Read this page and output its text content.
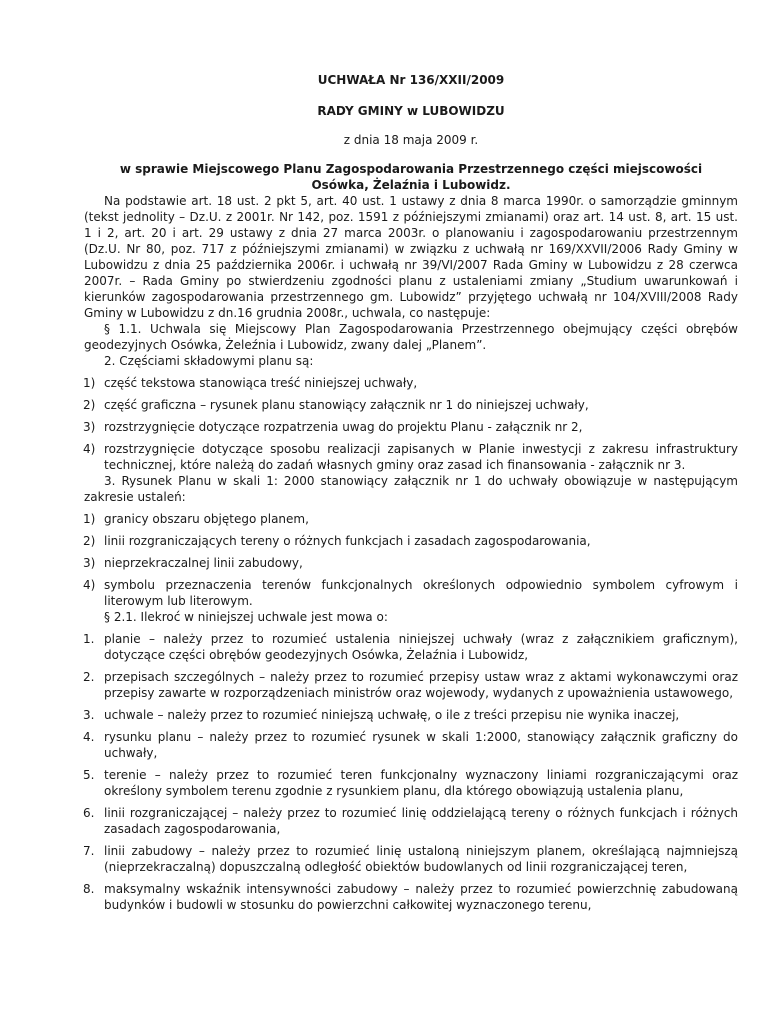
UCHWAŁA Nr 136/XXII/2009
RADY GMINY w LUBOWIDZU
z dnia 18 maja 2009 r.
w sprawie Miejscowego Planu Zagospodarowania Przestrzennego części miejscowości
Osówka, Żelaźnia i Lubowidz.

Na podstawie art. 18 ust. 2 pkt 5, art. 40 ust. 1 ustawy z dnia 8 marca 1990r. o samorządzie gminnym (tekst jednolity – Dz.U. z 2001r. Nr 142, poz. 1591 z późniejszymi zmianami) oraz art. 14 ust. 8, art. 15 ust. 1 i 2, art. 20 i art. 29 ustawy z dnia 27 marca 2003r. o planowaniu i zagospodarowaniu przestrzennym (Dz.U. Nr 80, poz. 717 z późniejszymi zmianami) w związku z uchwałą nr 169/XXVII/2006 Rady Gminy w Lubowidzu z dnia 25 października 2006r. i uchwałą nr 39/VI/2007 Rada Gminy w Lubowidzu z 28 czerwca 2007r. – Rada Gminy po stwierdzeniu zgodności planu z ustaleniami zmiany „Studium uwarunkowań i kierunków zagospodarowania przestrzennego gm. Lubowidz” przyjętego uchwałą nr 104/XVIII/2008 Rady Gminy w Lubowidzu z dn.16 grudnia 2008r., uchwala, co następuje:

§ 1.1. Uchwala się Miejscowy Plan Zagospodarowania Przestrzennego obejmujący części obrębów geodezyjnych Osówka, Żeleźnia i Lubowidz, zwany dalej „Planem”.

2. Częściami składowymi planu są:

1) część tekstowa stanowiąca treść niniejszej uchwały,
2) część graficzna – rysunek planu stanowiący załącznik nr 1 do niniejszej uchwały,
3) rozstrzygnięcie dotyczące rozpatrzenia uwag do projektu Planu - załącznik nr 2,
4) rozstrzygnięcie dotyczące sposobu realizacji zapisanych w Planie inwestycji z zakresu infrastruktury technicznej, które należą do zadań własnych gminy oraz zasad ich finansowania - załącznik nr 3.

3. Rysunek Planu w skali 1: 2000 stanowiący załącznik nr 1 do uchwały obowiązuje w następującym zakresie ustaleń:

1) granicy obszaru objętego planem,
2) linii rozgraniczających tereny o różnych funkcjach i zasadach zagospodarowania,
3) nieprzekraczalnej linii zabudowy,
4) symbolu przeznaczenia terenów funkcjonalnych określonych odpowiednio symbolem cyfrowym i literowym lub literowym.

§ 2.1. Ilekroć w niniejszej uchwale jest mowa o:

1. planie – należy przez to rozumieć ustalenia niniejszej uchwały (wraz z załącznikiem graficznym), dotyczące części obrębów geodezyjnych Osówka, Żelaźnia i Lubowidz,
2. przepisach szczególnych – należy przez to rozumieć przepisy ustaw wraz z aktami wykonawczymi oraz przepisy zawarte w rozporządzeniach ministrów oraz wojewody, wydanych z upoważnienia ustawowego,
3. uchwale – należy przez to rozumieć niniejszą uchwałę, o ile z treści przepisu nie wynika inaczej,
4. rysunku planu – należy przez to rozumieć rysunek w skali 1:2000, stanowiący załącznik graficzny do uchwały,
5. terenie – należy przez to rozumieć teren funkcjonalny wyznaczony liniami rozgraniczającymi oraz określony symbolem terenu zgodnie z rysunkiem planu, dla którego obowiązują ustalenia planu,
6. linii rozgraniczającej – należy przez to rozumieć linię oddzielającą tereny o różnych funkcjach i różnych zasadach zagospodarowania,
7. linii zabudowy – należy przez to rozumieć linię ustaloną niniejszym planem, określającą najmniejszą (nieprzekraczalną) dopuszczalną odległość obiektów budowlanych od linii rozgraniczającej teren,
8. maksymalny wskaźnik intensywności zabudowy – należy przez to rozumieć powierzchnię zabudowaną budynków i budowli w stosunku do powierzchni całkowitej wyznaczonego terenu,
